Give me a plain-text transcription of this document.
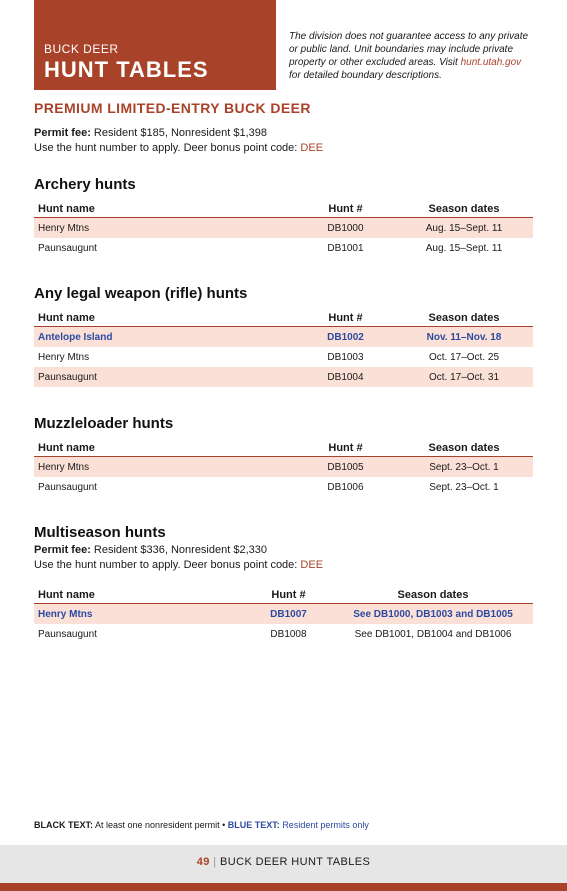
BUCK DEER
HUNT TABLES
The division does not guarantee access to any private or public land. Unit boundaries may include private property or other excluded areas. Visit hunt.utah.gov for detailed boundary descriptions.
PREMIUM LIMITED-ENTRY BUCK DEER
Permit fee: Resident $185, Nonresident $1,398
Use the hunt number to apply. Deer bonus point code: DEE
Archery hunts
Hunt name	Hunt #	Season dates
Henry Mtns	DB1000	Aug. 15–Sept. 11
Paunsaugunt	DB1001	Aug. 15–Sept. 11
Any legal weapon (rifle) hunts
Hunt name	Hunt #	Season dates
Antelope Island	DB1002	Nov. 11–Nov. 18
Henry Mtns	DB1003	Oct. 17–Oct. 25
Paunsaugunt	DB1004	Oct. 17–Oct. 31
Muzzleloader hunts
Hunt name	Hunt #	Season dates
Henry Mtns	DB1005	Sept. 23–Oct. 1
Paunsaugunt	DB1006	Sept. 23–Oct. 1
Multiseason hunts
Permit fee: Resident $336, Nonresident $2,330
Use the hunt number to apply. Deer bonus point code: DEE
Hunt name	Hunt #	Season dates
Henry Mtns	DB1007	See DB1000, DB1003 and DB1005
Paunsaugunt	DB1008	See DB1001, DB1004 and DB1006
BLACK TEXT: At least one nonresident permit • BLUE TEXT: Resident permits only
49 | BUCK DEER HUNT TABLES
